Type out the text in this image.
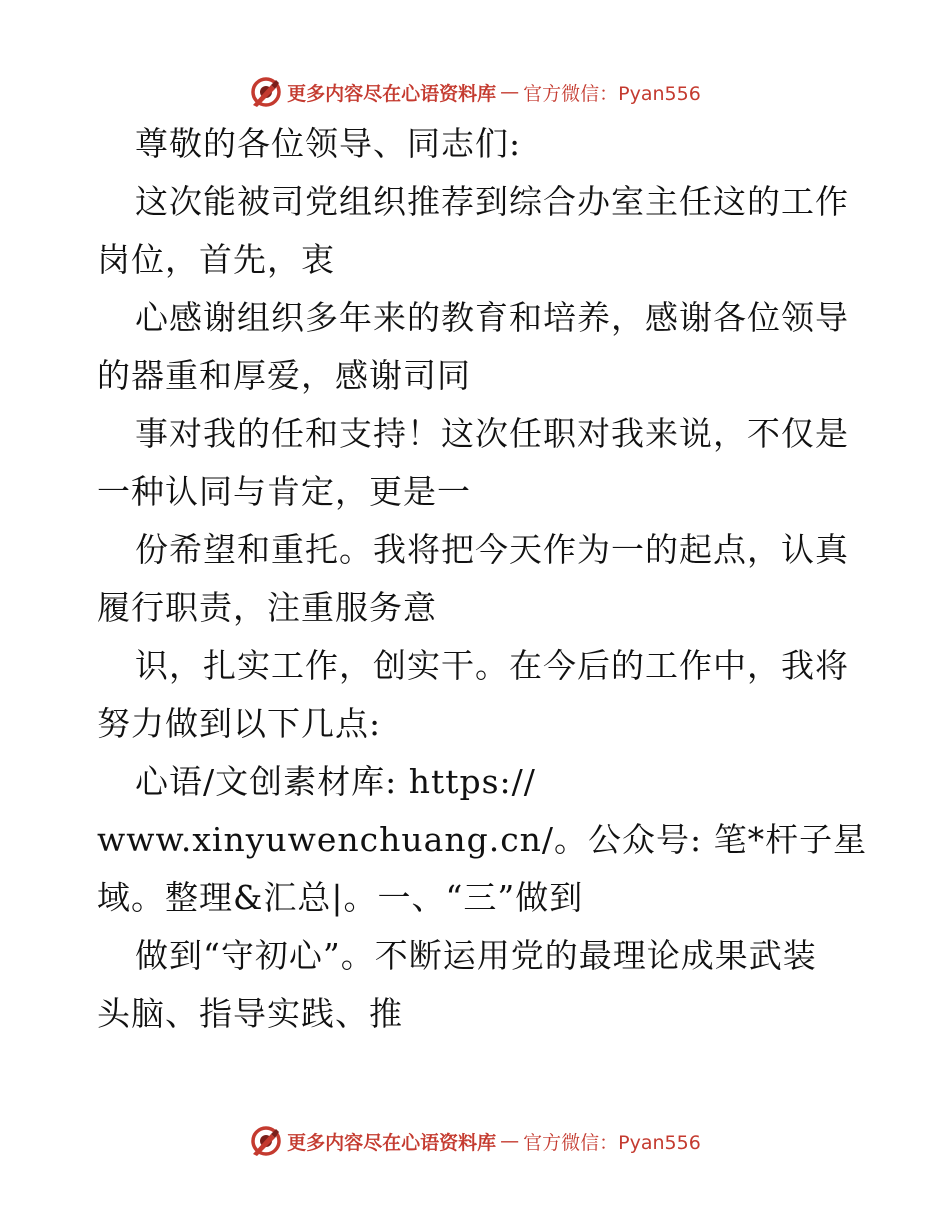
更多内容尽在心语资料库 — 官方微信：Pyan556
尊敬的各位领导、同志们:
这次能被司党组织推荐到综合办室主任这的工作
岗位，首先，衷
心感谢组织多年来的教育和培养，感谢各位领导
的器重和厚爱，感谢司同
事对我的任和支持！这次任职对我来说，不仅是
一种认同与肯定，更是一
份希望和重托。我将把今天作为一的起点，认真
履行职责，注重服务意
识，扎实工作，创实干。在今后的工作中，我将
努力做到以下几点:
心语/文创素材库: https://
www.xinyuwenchuang.cn/。公众号: 笔*杆子星
域。整理&汇总|。一、“三”做到
做到“守初心”。不断运用党的最理论成果武装
头脑、指导实践、推
更多内容尽在心语资料库 — 官方微信：Pyan556
